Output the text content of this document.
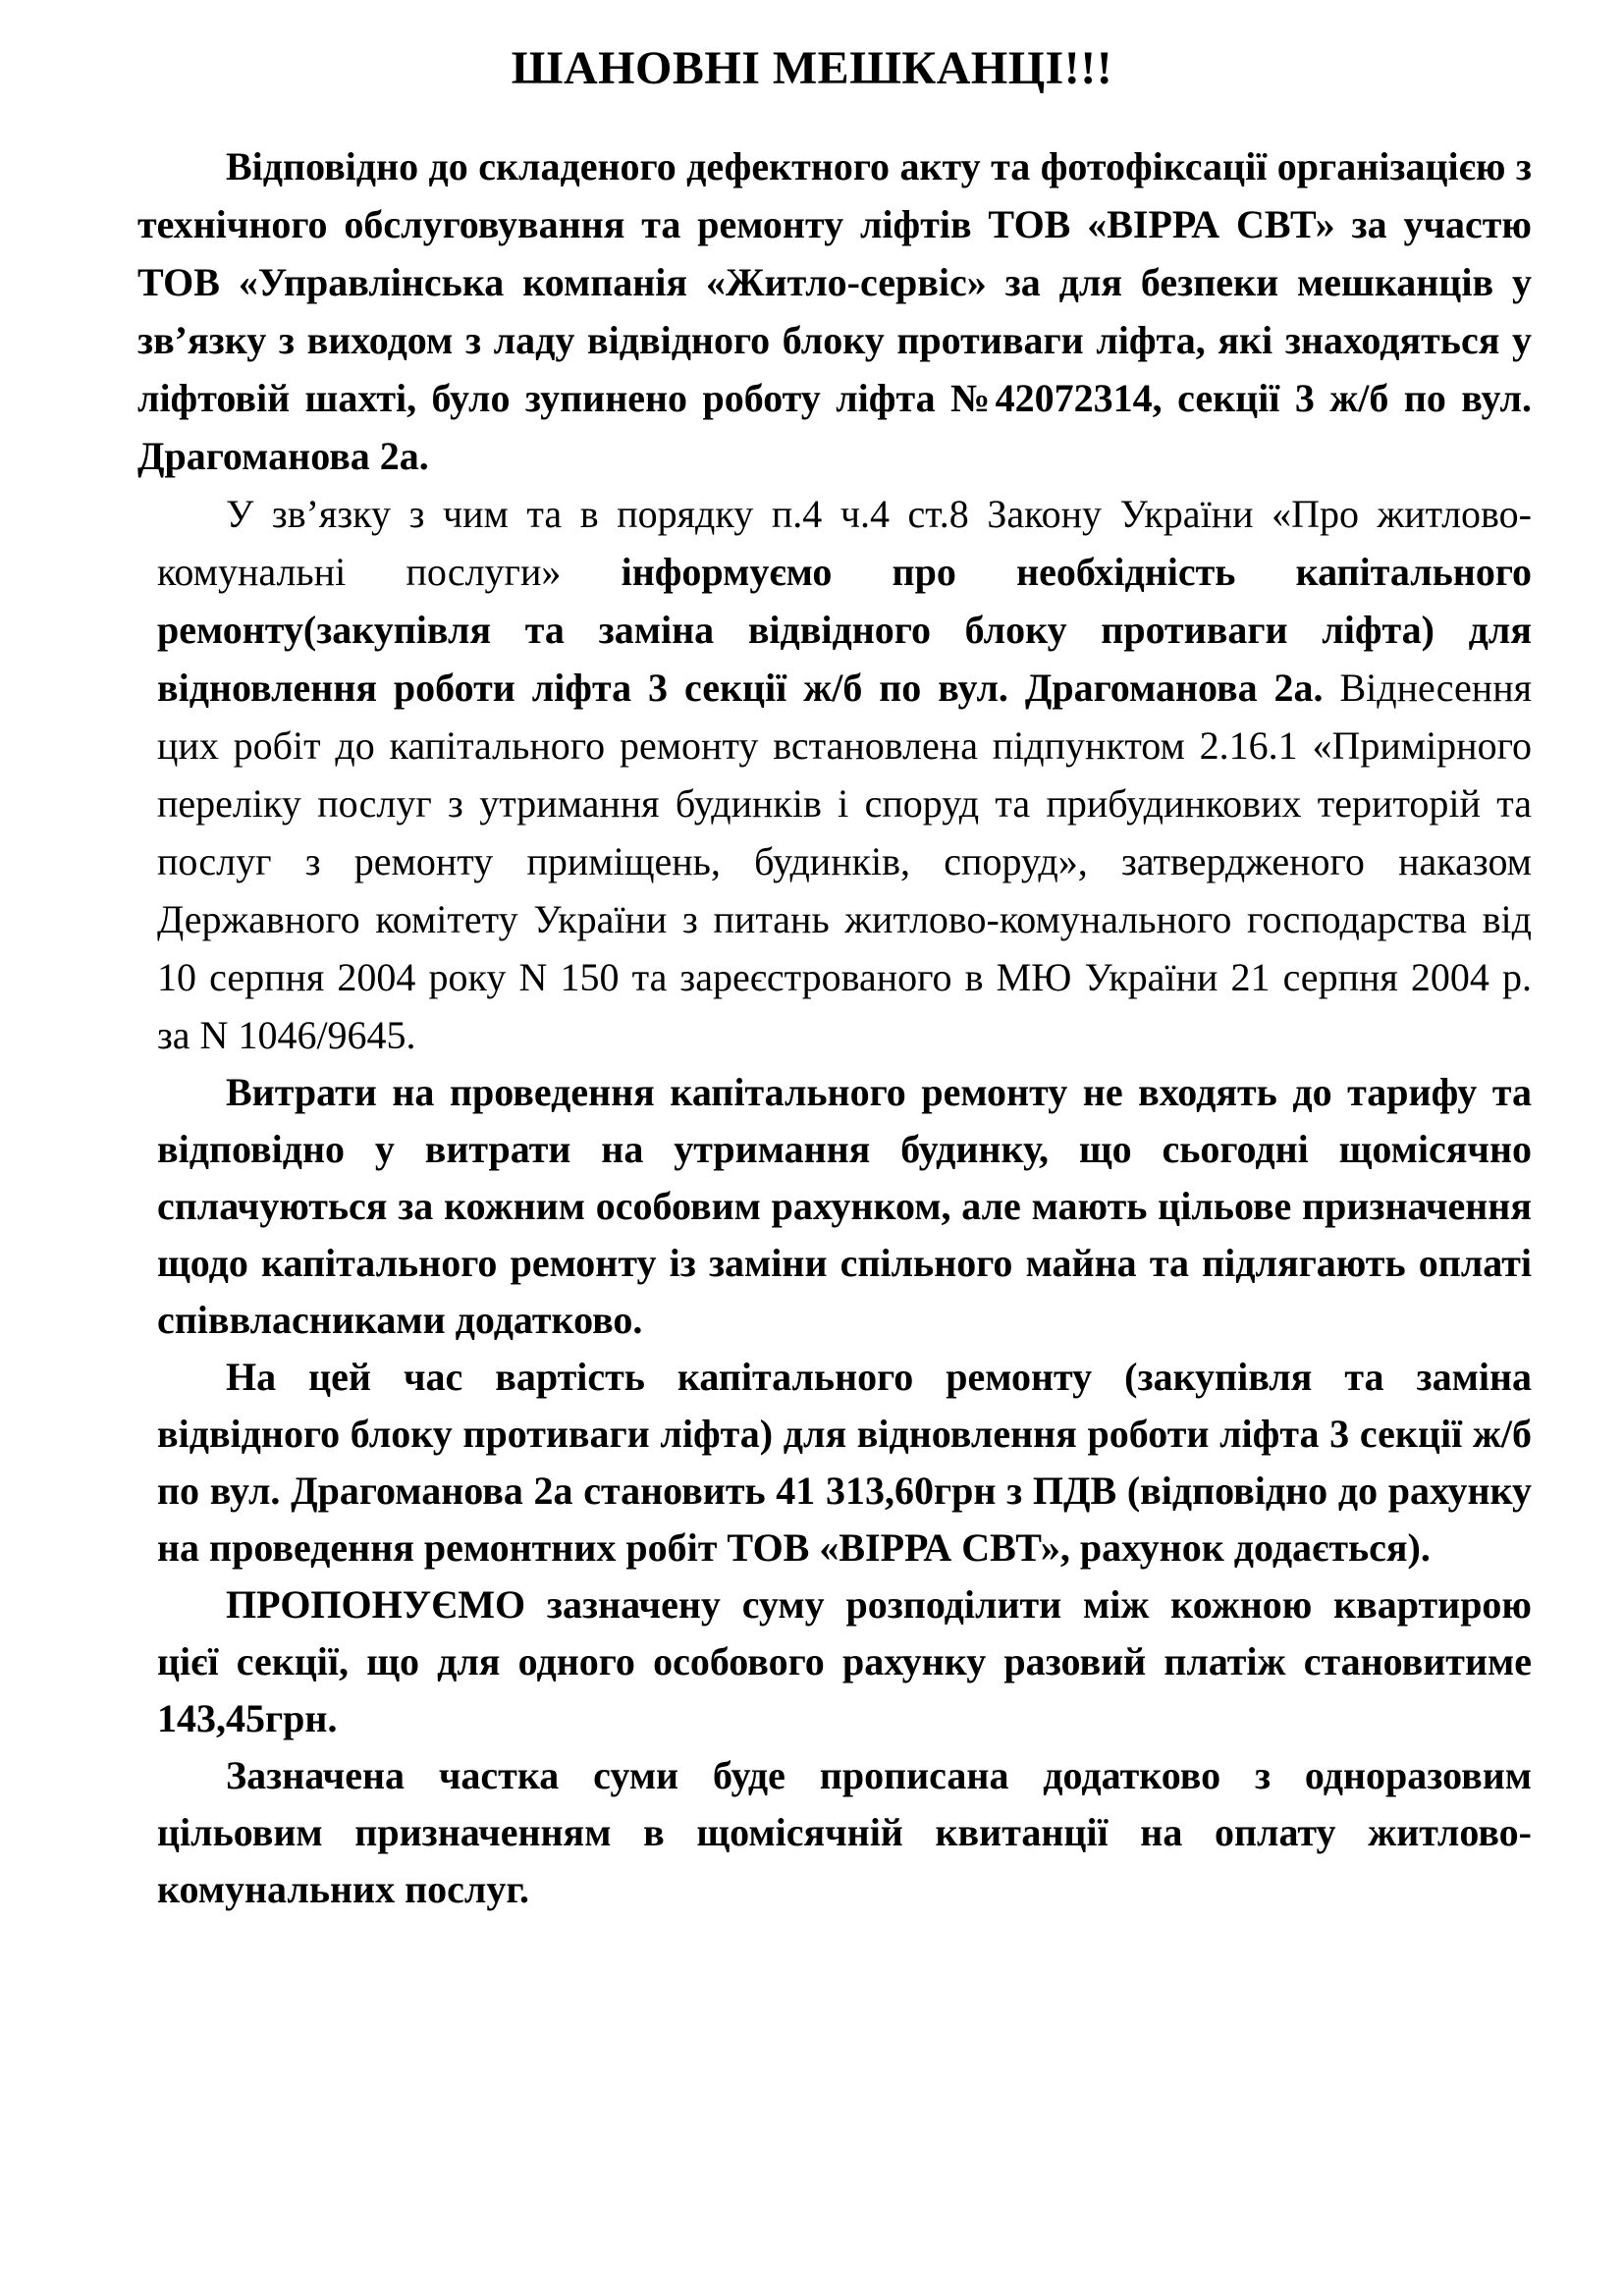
ШАНОВНІ МЕШКАНЦІ!!!

Відповідно до складеного дефектного акту та фотофіксації організацією з технічного обслуговування та ремонту ліфтів ТОВ «ВІРРА СВТ» за участю ТОВ «Управлінська компанія «Житло-сервіс» за для безпеки мешканців у зв’язку з виходом з ладу відвідного блоку противаги ліфта, які знаходяться у ліфтовій шахті, було зупинено роботу ліфта №42072314, секції 3 ж/б по вул. Драгоманова 2а.

У зв’язку з чим та в порядку п.4 ч.4 ст.8 Закону України «Про житлово-комунальні послуги» інформуємо про необхідність капітального ремонту(закупівля та заміна відвідного блоку противаги ліфта) для відновлення роботи ліфта 3 секції ж/б по вул. Драгоманова 2а. Віднесення цих робіт до капітального ремонту встановлена підпунктом 2.16.1 «Примірного переліку послуг з утримання будинків і споруд та прибудинкових територій та послуг з ремонту приміщень, будинків, споруд», затвердженого наказом Державного комітету України з питань житлово-комунального господарства від 10 серпня 2004 року N 150 та зареєстрованого в МЮ України 21 серпня 2004 р. за N 1046/9645.

Витрати на проведення капітального ремонту не входять до тарифу та відповідно у витрати на утримання будинку, що сьогодні щомісячно сплачуються за кожним особовим рахунком, але мають цільове призначення щодо капітального ремонту із заміни спільного майна та підлягають оплаті співвласниками додатково.

На цей час вартість капітального ремонту (закупівля та заміна відвідного блоку противаги ліфта) для відновлення роботи ліфта 3 секції ж/б по вул. Драгоманова 2а становить 41 313,60грн з ПДВ (відповідно до рахунку на проведення ремонтних робіт ТОВ «ВІРРА СВТ», рахунок додається).

ПРОПОНУЄМО зазначену суму розподілити між кожною квартирою цієї секції, що для одного особового рахунку разовий платіж становитиме 143,45грн.

Зазначена частка суми буде прописана додатково з одноразовим цільовим призначенням в щомісячній квитанції на оплату житлово-комунальних послуг.
